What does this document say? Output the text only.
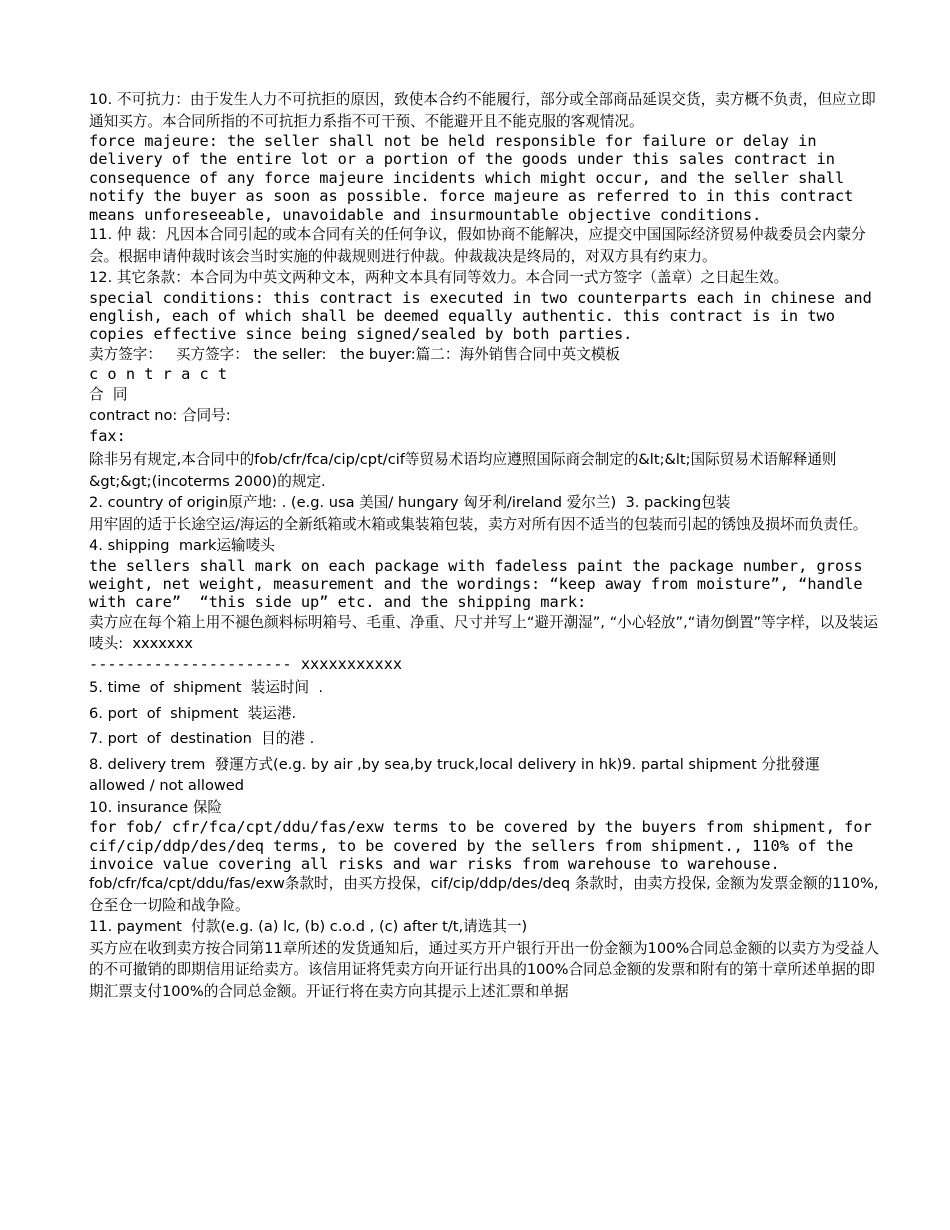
10. 不可抗力：由于发生人力不可抗拒的原因，致使本合约不能履行，部分或全部商品延误交货，卖方概不负责，但应立即通知买方。本合同所指的不可抗拒力系指不可干预、不能避开且不能克服的客观情况。

force majeure: the seller shall not be held responsible for failure or delay in delivery of the entire lot or a portion of the goods under this sales contract in consequence of any force majeure incidents which might occur, and the seller shall notify the buyer as soon as possible. force majeure as referred to in this contract means unforeseeable, unavoidable and insurmountable objective conditions.

11. 仲 裁：凡因本合同引起的或本合同有关的任何争议，假如协商不能解决，应提交中国国际经济贸易仲裁委员会内蒙分会。根据申请仲裁时该会当时实施的仲裁规则进行仲裁。仲裁裁决是终局的，对双方具有约束力。

12. 其它条款：本合同为中英文两种文本，两种文本具有同等效力。本合同一式方签字（盖章）之日起生效。

special conditions: this contract is executed in two counterparts each in chinese and english, each of which shall be deemed equally authentic. this contract is in two copies effective since being signed/sealed by both parties.

卖方签字：   买方签字： the seller:   the buyer:篇二：海外销售合同中英文模板

c o n t r a c t

合  同

contract no: 合同号:

fax:

除非另有规定,本合同中的fob/cfr/fca/cip/cpt/cif等贸易术语均应遵照国际商会制定的&lt;&lt;国际贸易术语解释通则&gt;&gt;(incoterms 2000)的规定.

2. country of origin原产地: . (e.g. usa 美国/ hungary 匈牙利/ireland 爱尔兰)  3. packing包装

用牢固的适于长途空运/海运的全新纸箱或木箱或集装箱包装，卖方对所有因不适当的包装而引起的锈蚀及损坏而负责任。

4. shipping  mark运输唛头

the sellers shall mark on each package with fadeless paint the package number, gross weight, net weight, measurement and the wordings: “keep away from moisture”, “handle with care”  “this side up” etc. and the shipping mark:

卖方应在每个箱上用不褪色颜料标明箱号、毛重、净重、尺寸并写上“避开潮湿”, “小心轻放”,“请勿倒置”等字样，以及装运唛头:  xxxxxxx

---------------------- xxxxxxxxxxx

5. time  of  shipment  装运时间  .

6. port  of  shipment  装运港.

7. port  of  destination  目的港 .

8. delivery trem  發運方式(e.g. by air ,by sea,by truck,local delivery in hk)9. partal shipment 分批發運 allowed / not allowed

10. insurance 保险

for fob/ cfr/fca/cpt/ddu/fas/exw terms to be covered by the buyers from shipment, for cif/cip/ddp/des/deq terms, to be covered by the sellers from shipment., 110% of the invoice value covering all risks and war risks from warehouse to warehouse.

fob/cfr/fca/cpt/ddu/fas/exw条款时，由买方投保，cif/cip/ddp/des/deq 条款时，由卖方投保, 金额为发票金额的110%, 仓至仓一切险和战争险。

11. payment  付款(e.g. (a) lc, (b) c.o.d , (c) after t/t,请选其一)

买方应在收到卖方按合同第11章所述的发货通知后，通过买方开户银行开出一份金额为100%合同总金额的以卖方为受益人的不可撤销的即期信用证给卖方。该信用证将凭卖方向开证行出具的100%合同总金额的发票和附有的第十章所述单据的即期汇票支付100%的合同总金额。开证行将在卖方向其提示上述汇票和单据
